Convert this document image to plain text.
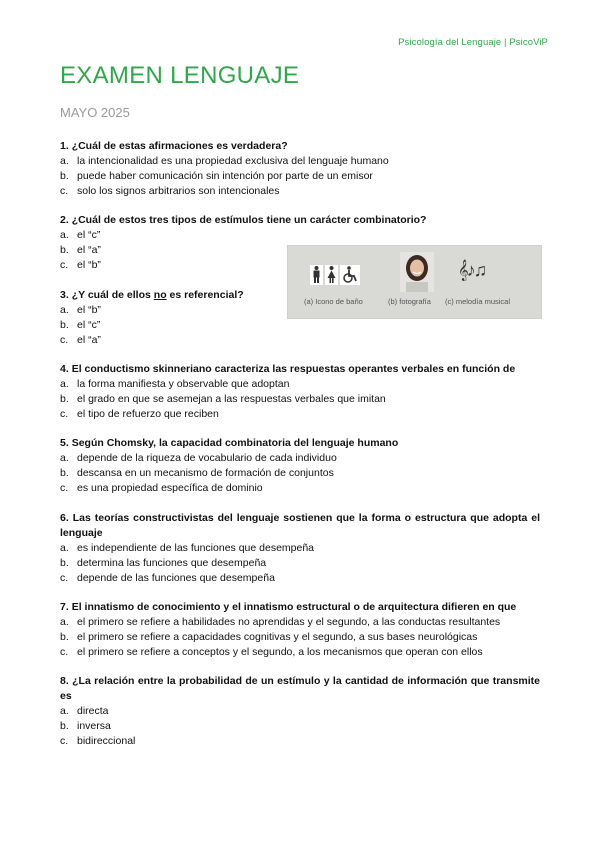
Psicología del Lenguaje | PsicoViP
EXAMEN LENGUAJE
MAYO 2025
1. ¿Cuál de estas afirmaciones es verdadera?
a. la intencionalidad es una propiedad exclusiva del lenguaje humano
b. puede haber comunicación sin intención por parte de un emisor
c. solo los signos arbitrarios son intencionales
2. ¿Cuál de estos tres tipos de estímulos tiene un carácter combinatorio?
a. el “c”
b. el “a”
c. el “b”	𝄞♪♫
(a) Icono de baño	(b) fotografía (c) melodía musical
3. ¿Y cuál de ellos no es referencial?
a. el “b”
b. el “c”
c. el “a”
4. El conductismo skinneriano caracteriza las respuestas operantes verbales en función de
a. la forma manifiesta y observable que adoptan
b. el grado en que se asemejan a las respuestas verbales que imitan
c. el tipo de refuerzo que reciben
5. Según Chomsky, la capacidad combinatoria del lenguaje humano
a. depende de la riqueza de vocabulario de cada individuo
b. descansa en un mecanismo de formación de conjuntos
c. es una propiedad específica de dominio
6. Las teorías constructivistas del lenguaje sostienen que la forma o estructura que adopta el lenguaje
a. es independiente de las funciones que desempeña
b. determina las funciones que desempeña
c. depende de las funciones que desempeña
7. El innatismo de conocimiento y el innatismo estructural o de arquitectura difieren en que
a. el primero se refiere a habilidades no aprendidas y el segundo, a las conductas resultantes
b. el primero se refiere a capacidades cognitivas y el segundo, a sus bases neurológicas
c. el primero se refiere a conceptos y el segundo, a los mecanismos que operan con ellos
8. ¿La relación entre la probabilidad de un estímulo y la cantidad de información que transmite es
a. directa
b. inversa
c. bidireccional
